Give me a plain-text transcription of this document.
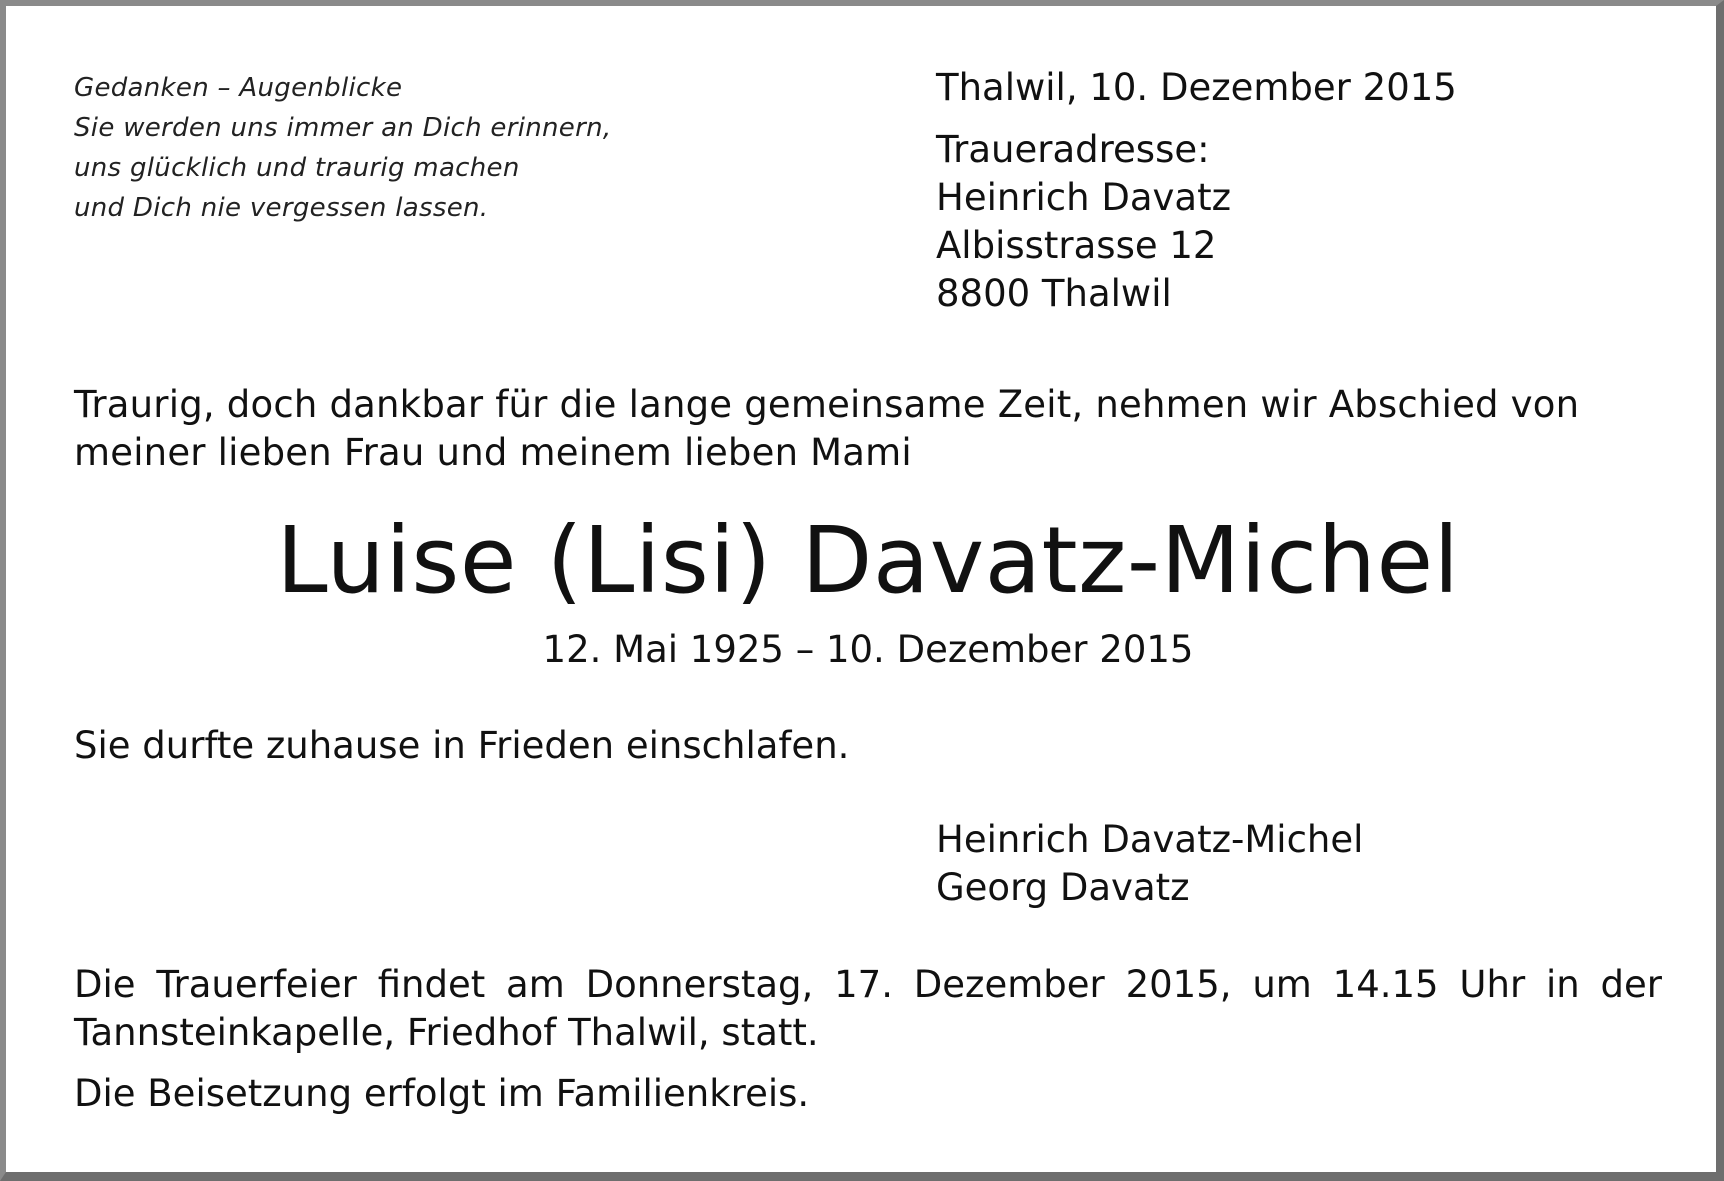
Gedanken – Augenblicke
Sie werden uns immer an Dich erinnern,
uns glücklich und traurig machen
und Dich nie vergessen lassen.
Thalwil, 10. Dezember 2015
Traueradresse:
Heinrich Davatz
Albisstrasse 12
8800 Thalwil
Traurig, doch dankbar für die lange gemeinsame Zeit, nehmen wir Abschied von meiner lieben Frau und meinem lieben Mami
Luise (Lisi) Davatz-Michel
12. Mai 1925 – 10. Dezember 2015
Sie durfte zuhause in Frieden einschlafen.
Heinrich Davatz-Michel
Georg Davatz
Die Trauerfeier findet am Donnerstag, 17. Dezember 2015, um 14.15 Uhr in der Tannsteinkapelle, Friedhof Thalwil, statt.
Die Beisetzung erfolgt im Familienkreis.
